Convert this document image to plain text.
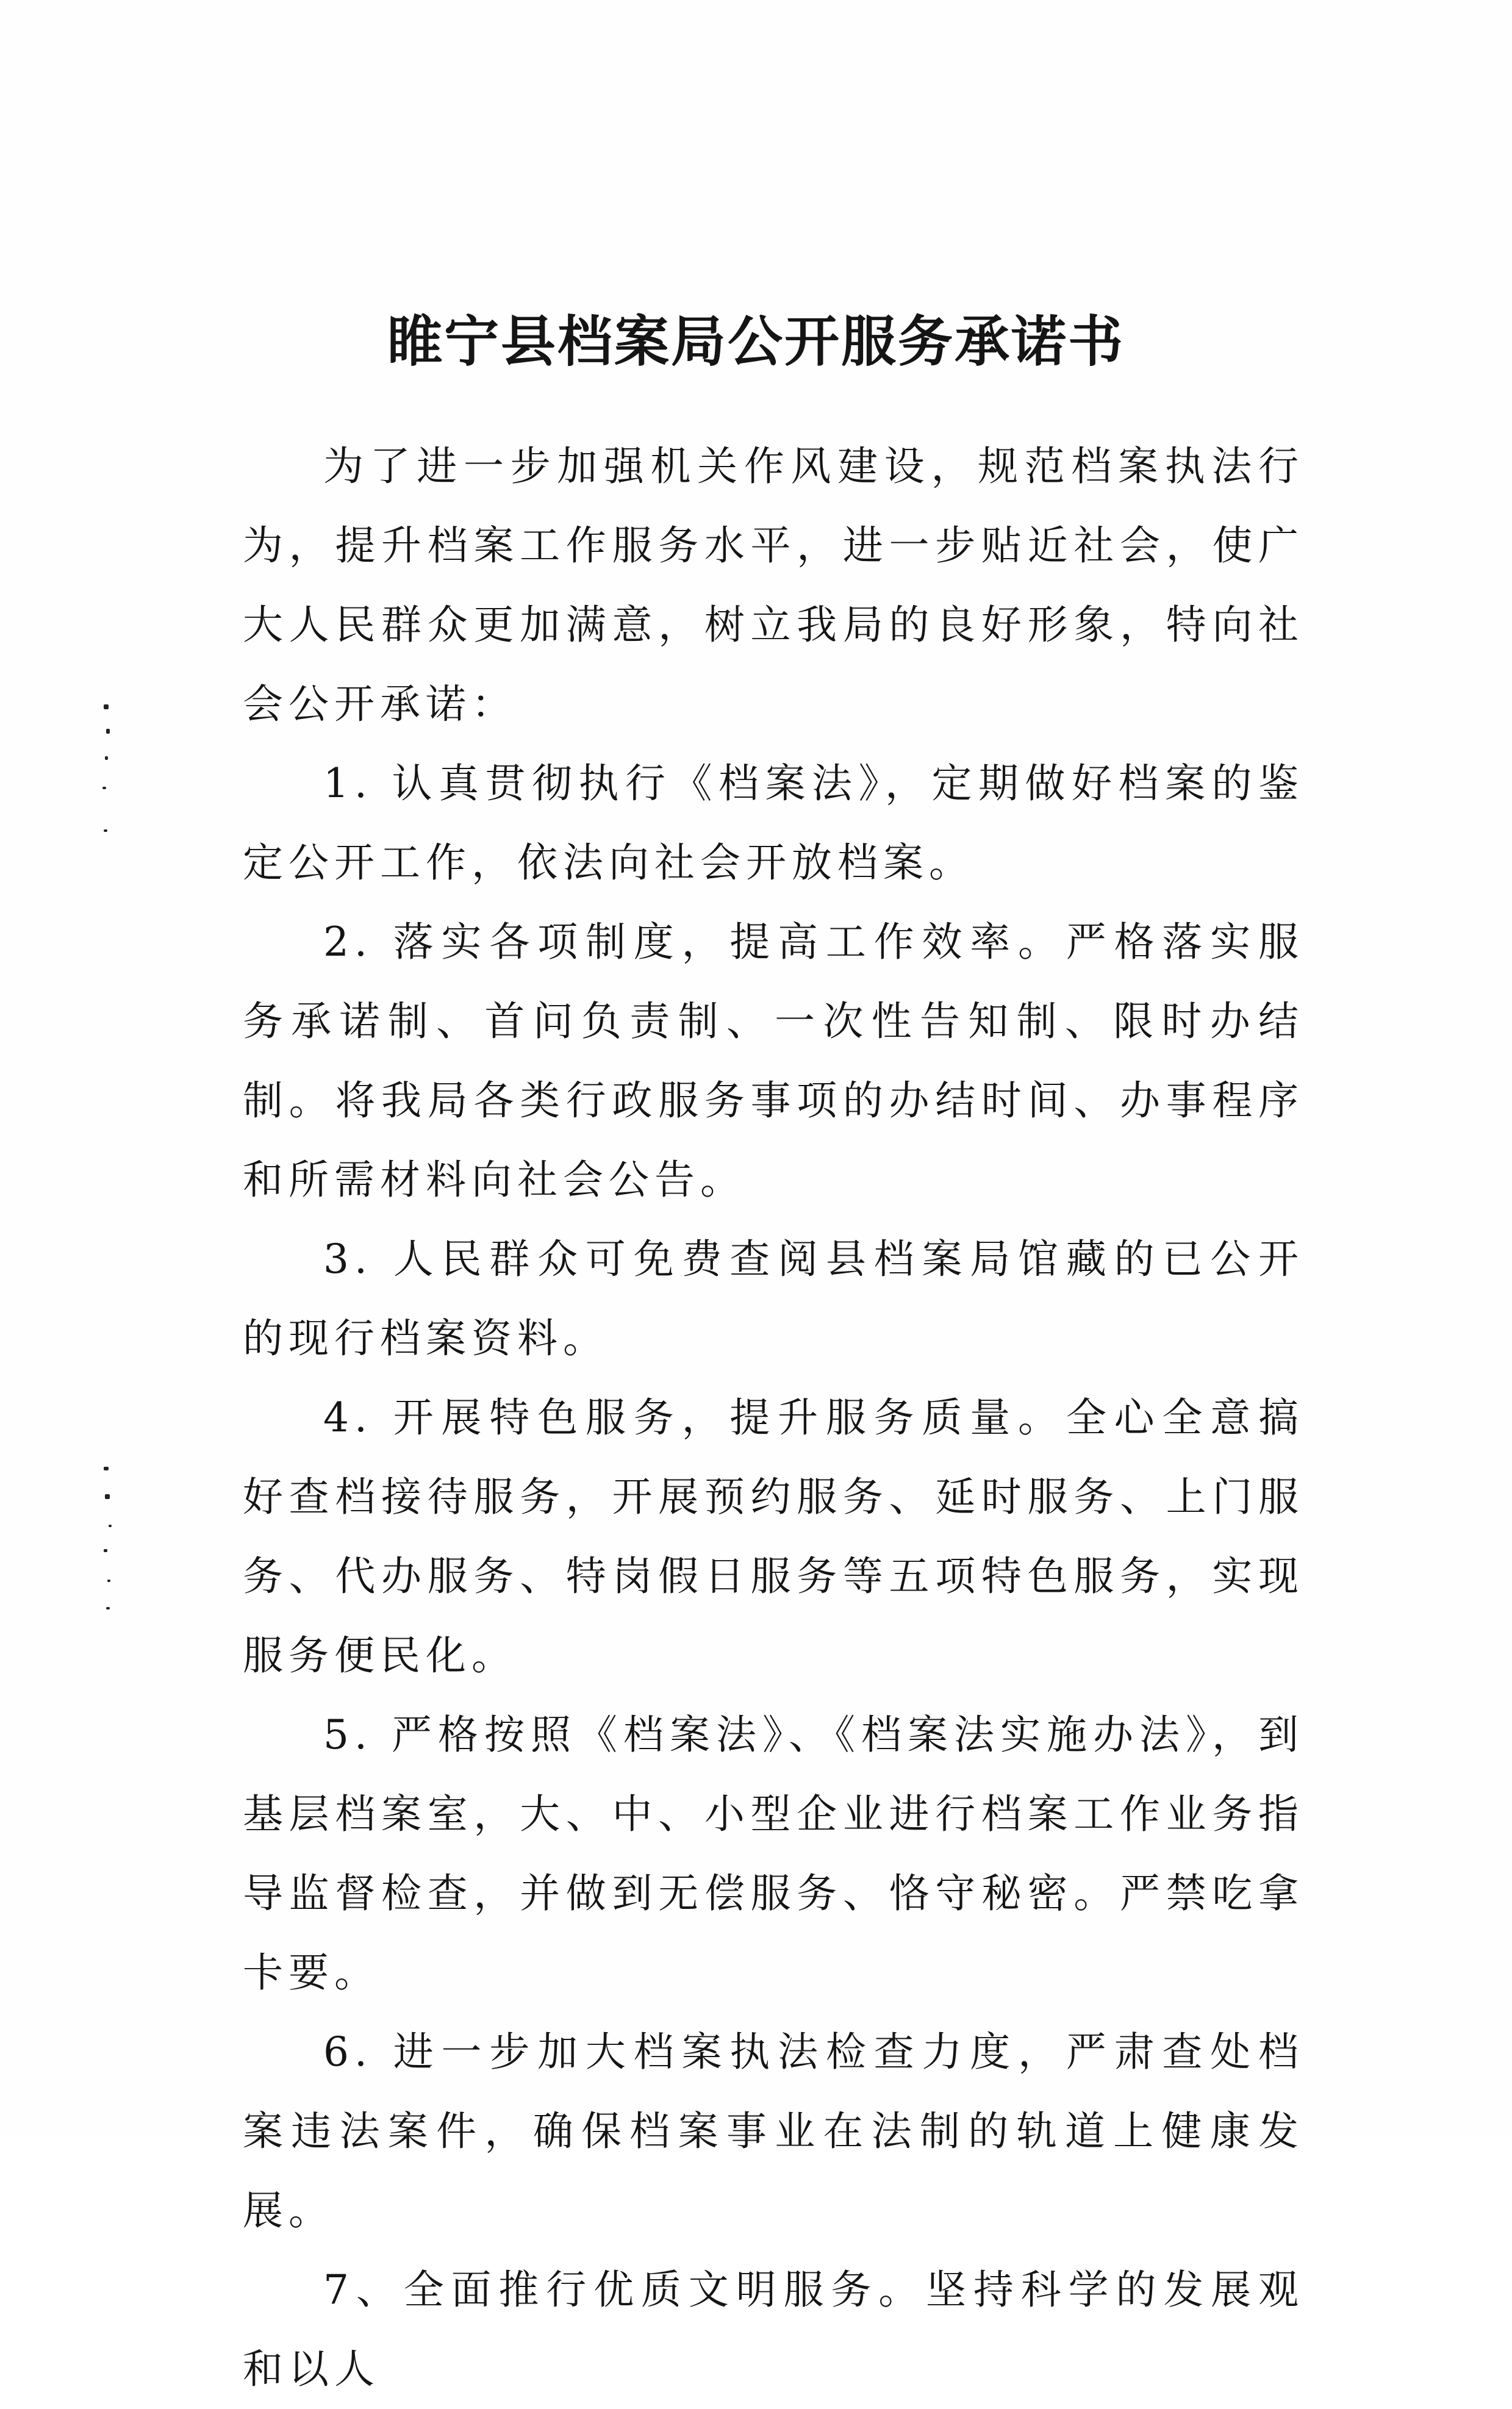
睢宁县档案局公开服务承诺书

为了进一步加强机关作风建设，规范档案执法行为，提升档案工作服务水平，进一步贴近社会，使广大人民群众更加满意，树立我局的良好形象，特向社会公开承诺：

1. 认真贯彻执行《档案法》，定期做好档案的鉴定公开工作，依法向社会开放档案。

2. 落实各项制度，提高工作效率。严格落实服务承诺制、首问负责制、一次性告知制、限时办结制。将我局各类行政服务事项的办结时间、办事程序和所需材料向社会公告。

3. 人民群众可免费查阅县档案局馆藏的已公开的现行档案资料。

4. 开展特色服务，提升服务质量。全心全意搞好查档接待服务，开展预约服务、延时服务、上门服务、代办服务、特岗假日服务等五项特色服务，实现服务便民化。

5. 严格按照《档案法》、《档案法实施办法》，到基层档案室，大、中、小型企业进行档案工作业务指导监督检查，并做到无偿服务、恪守秘密。严禁吃拿卡要。

6. 进一步加大档案执法检查力度，严肃查处档案违法案件，确保档案事业在法制的轨道上健康发展。

7、全面推行优质文明服务。坚持科学的发展观和以人
